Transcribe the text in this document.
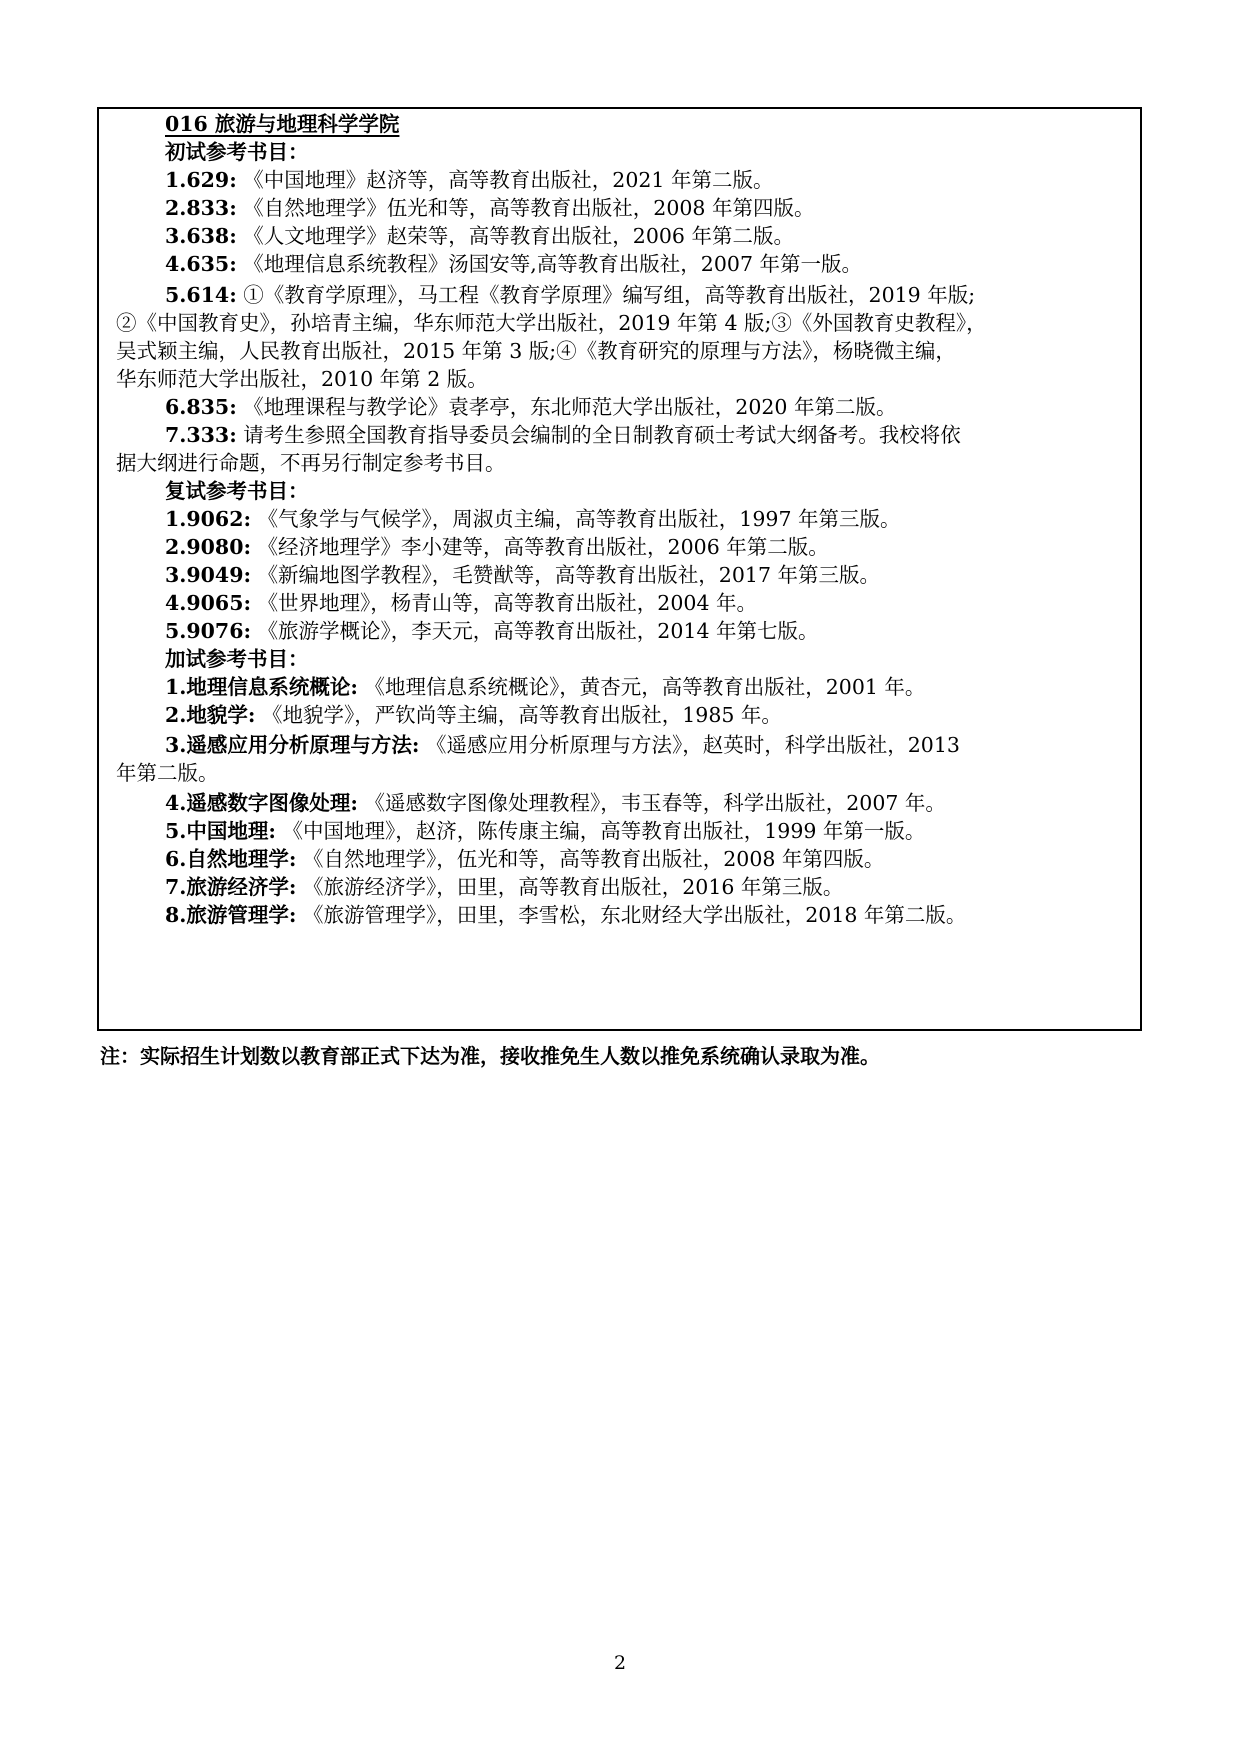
016 旅游与地理科学学院
初试参考书目：
1.629: 《中国地理》赵济等，高等教育出版社，2021 年第二版。
2.833: 《自然地理学》伍光和等，高等教育出版社，2008 年第四版。
3.638: 《人文地理学》赵荣等，高等教育出版社，2006 年第二版。
4.635: 《地理信息系统教程》汤国安等,高等教育出版社，2007 年第一版。
5.614: ①《教育学原理》，马工程《教育学原理》编写组，高等教育出版社，2019 年版;
②《中国教育史》，孙培青主编，华东师范大学出版社，2019 年第 4 版;③《外国教育史教程》，
吴式颖主编，人民教育出版社，2015 年第 3 版;④《教育研究的原理与方法》，杨晓微主编，
华东师范大学出版社，2010 年第 2 版。
6.835: 《地理课程与教学论》袁孝亭，东北师范大学出版社，2020 年第二版。
7.333: 请考生参照全国教育指导委员会编制的全日制教育硕士考试大纲备考。我校将依
据大纲进行命题，不再另行制定参考书目。
复试参考书目：
1.9062: 《气象学与气候学》，周淑贞主编，高等教育出版社，1997 年第三版。
2.9080: 《经济地理学》李小建等，高等教育出版社，2006 年第二版。
3.9049: 《新编地图学教程》，毛赞猷等，高等教育出版社，2017 年第三版。
4.9065: 《世界地理》，杨青山等，高等教育出版社，2004 年。
5.9076: 《旅游学概论》，李天元，高等教育出版社，2014 年第七版。
加试参考书目：
1.地理信息系统概论: 《地理信息系统概论》，黄杏元，高等教育出版社，2001 年。
2.地貌学: 《地貌学》，严钦尚等主编，高等教育出版社，1985 年。
3.遥感应用分析原理与方法: 《遥感应用分析原理与方法》，赵英时，科学出版社，2013
年第二版。
4.遥感数字图像处理: 《遥感数字图像处理教程》，韦玉春等，科学出版社，2007 年。
5.中国地理: 《中国地理》，赵济，陈传康主编，高等教育出版社，1999 年第一版。
6.自然地理学: 《自然地理学》，伍光和等，高等教育出版社，2008 年第四版。
7.旅游经济学: 《旅游经济学》，田里，高等教育出版社，2016 年第三版。
8.旅游管理学: 《旅游管理学》，田里，李雪松，东北财经大学出版社，2018 年第二版。
注：实际招生计划数以教育部正式下达为准，接收推免生人数以推免系统确认录取为准。
2
